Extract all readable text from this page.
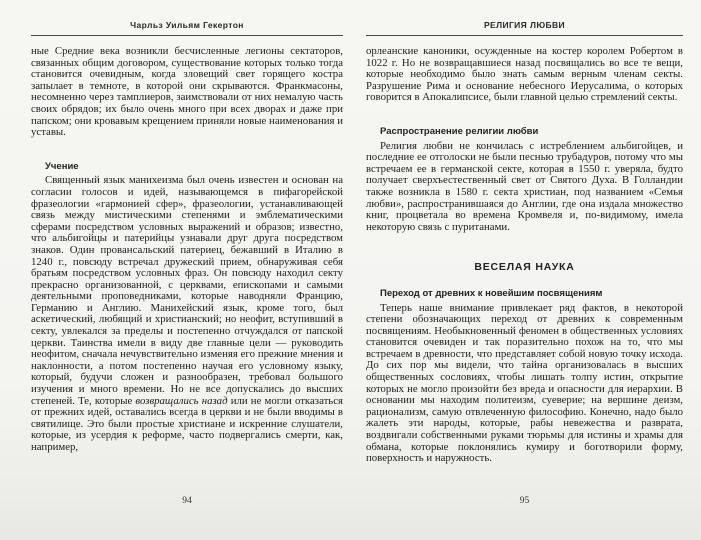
Чарльз Уильям Гекертон

ные Средние века возникли бесчисленные легионы сектаторов, связанных общим договором, существование которых только тогда становится очевидным, когда зловещий свет горящего костра запылает в темноте, в которой они скрываются. Франкмасоны, несомненно через тамплиеров, заимствовали от них немалую часть своих обрядов; их было очень много при всех дворах и даже при папском; они кровавым крещением приняли новые наименования и уставы.

Учение

Священный язык манихеизма был очень известен и основан на согласии голосов и идей, называющемся в пифагорейской фразеологии «гармонией сфер», фразеологии, устанавливающей связь между мистическими степенями и эмблематическими сферами посредством условных выражений и образов; известно, что альбигойцы и патерийцы узнавали друг друга посредством знаков. Один провансальский патериец, бежавший в Италию в 1240 г., повсюду встречал дружеский прием, обнаруживая себя братьям посредством условных фраз. Он повсюду находил секту прекрасно организованной, с церквами, епископами и самыми деятельными проповедниками, которые наводняли Францию, Германию и Англию. Манихейский язык, кроме того, был аскетический, любящий и христианский; но неофит, вступивший в секту, увлекался за пределы и постепенно отчуждался от папской церкви. Таинства имели в виду две главные цели — руководить неофитом, сначала нечувствительно изменяя его прежние мнения и наклонности, а потом постепенно научая его условному языку, который, будучи сложен и разнообразен, требовал большого изучения и много времени. Но не все допускались до высших степеней. Те, которые возвращались назад или не могли отказаться от прежних идей, оставались всегда в церкви и не были вводимы в святилище. Это были простые христиане и искренние слушатели, которые, из усердия к реформе, часто подвергались смерти, как, например,

94
РЕЛИГИЯ ЛЮБВИ

орлеанские каноники, осужденные на костер королем Робертом в 1022 г. Но не возвращавшиеся назад посвящались во все те вещи, которые необходимо было знать самым верным членам секты. Разрушение Рима и основание небесного Иерусалима, о которых говорится в Апокалипсисе, были главной целью стремлений секты.

Распространение религии любви

Религия любви не кончилась с истреблением альбигойцев, и последние ее отголоски не были песнью трубадуров, потому что мы встречаем ее в германской секте, которая в 1550 г. уверяла, будто получает сверхъестественный свет от Святого Духа. В Голландии также возникла в 1580 г. секта христиан, под названием «Семья любви», распространившаяся до Англии, где она издала множество книг, процветала во времена Кромвеля и, по-видимому, имела некоторую связь с пуританами.

ВЕСЕЛАЯ НАУКА
Переход от древних к новейшим посвящениям

Теперь наше внимание привлекает ряд фактов, в некоторой степени обозначающих переход от древних к современным посвящениям. Необыкновенный феномен в общественных условиях становится очевиден и так поразительно похож на то, что мы встречаем в древности, что представляет собой новую точку исхода. До сих пор мы видели, что тайна организовалась в высших общественных сословиях, чтобы лишать толпу истин, открытие которых не могло произойти без вреда и опасности для иерархии. В основании мы находим политеизм, суеверие; на вершине деизм, рационализм, самую отвлеченную философию. Конечно, надо было жалеть эти народы, которые, рабы невежества и разврата, воздвигали собственными руками тюрьмы для истины и храмы для обмана, которые поклонялись кумиру и боготворили форму, поверхность и наружность.

95
